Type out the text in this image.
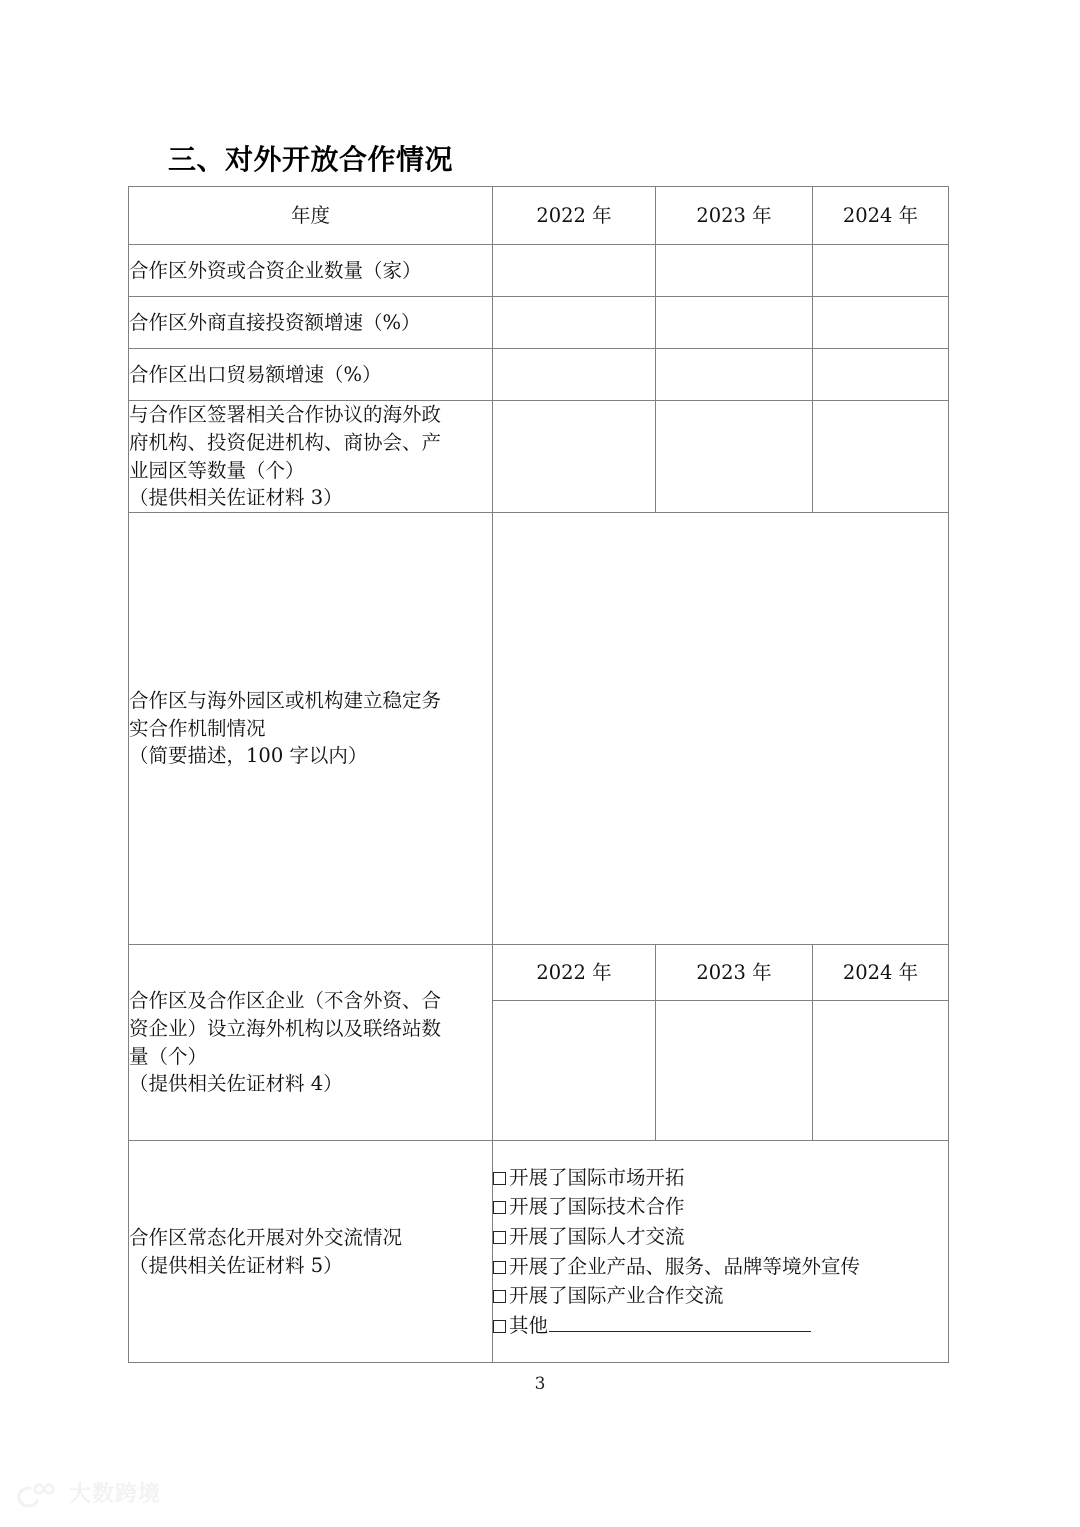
三、对外开放合作情况
年度	2022 年	2023 年	2024 年
合作区外资或合资企业数量（家）			
合作区外商直接投资额增速（%）			
合作区出口贸易额增速（%）			

与合作区签署相关合作协议的海外政
府机构、投资促进机构、商协会、产
业园区等数量（个）
（提供相关佐证材料 3）			

合作区与海外园区或机构建立稳定务
实合作机制情况
（简要描述，100 字以内）			

合作区及合作区企业（不含外资、合
资企业）设立海外机构以及联络站数
量（个）
（提供相关佐证材料 4）	2022 年	2023 年	2024 年

合作区常态化开展对外交流情况
（提供相关佐证材料 5）

开展了国际市场开拓
开展了国际技术合作
开展了国际人才交流
开展了企业产品、服务、品牌等境外宣传
开展了国际产业合作交流
其他
3
大数跨境
